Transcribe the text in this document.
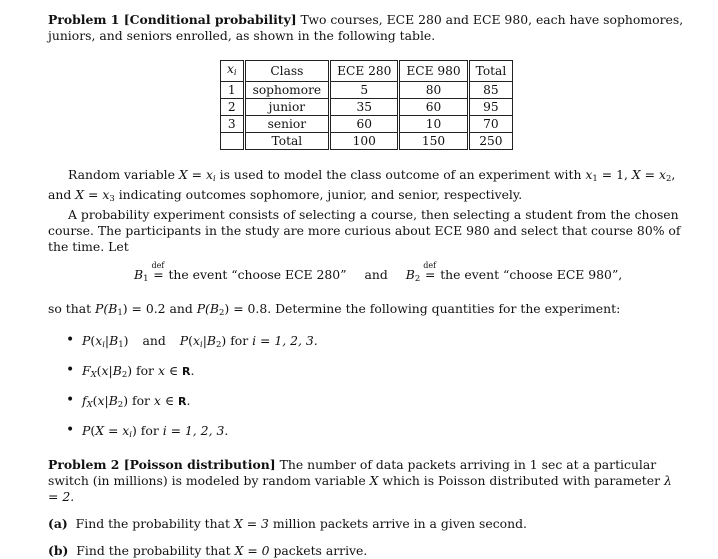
Problem 1 [Conditional probability] Two courses, ECE 280 and ECE 980, each have sophomores, juniors, and seniors enrolled, as shown in the following table.

$x_i$	Class	ECE 280	ECE 980	Total
1	sophomore	5	80	85
2	junior	35	60	95
3	senior	60	10	70
	Total	100	150	250

Random variable $X = x_i$ is used to model the class outcome of an experiment with x1 = 1, X = x2, and X = x3 indicating outcomes sophomore, junior, and senior, respectively.

A probability experiment consists of selecting a course, then selecting a student from the chosen course. The participants in the study are more curious about ECE 980 and select that course 80% of the time. Let

B1
def
= the event “choose ECE 280” and B2
def
= the event “choose ECE 980”,

so that P(B1) = 0.2 and P(B2) = 0.8. Determine the following quantities for the experiment:

• $P(x_i|B1)$ and $P(x_i|B2)$ for i = 1, 2, 3.
• $F_X(x|B2)$ for x ∈ R.
• $f_X(x|B2)$ for x ∈ R.
• $P(X = x_i)$ for i = 1, 2, 3.

Problem 2 [Poisson distribution] The number of data packets arriving in 1 sec at a particular switch (in millions) is modeled by random variable X which is Poisson distributed with parameter λ = 2.

(a) Find the probability that X = 3 million packets arrive in a given second.

(b) Find the probability that X = 0 packets arrive.
